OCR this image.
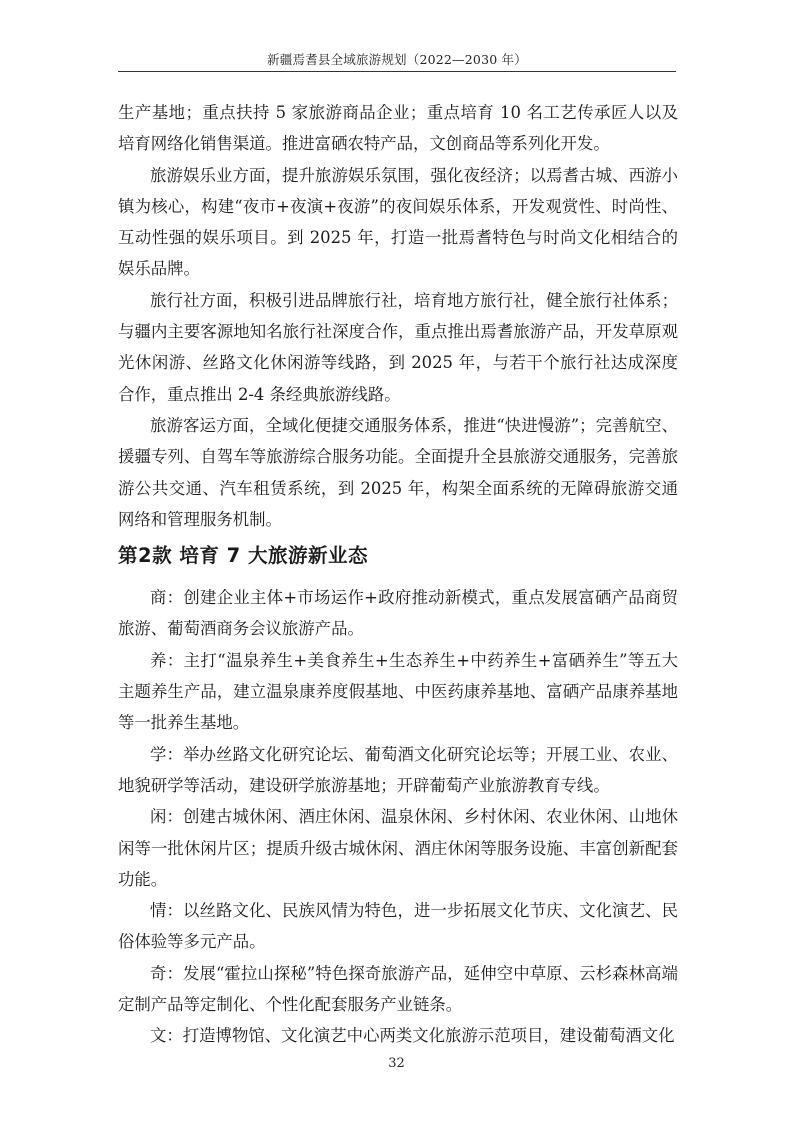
新疆焉耆县全域旅游规划（2022—2030 年）

生产基地；重点扶持 5 家旅游商品企业；重点培育 10 名工艺传承匠人以及培育网络化销售渠道。推进富硒农特产品，文创商品等系列化开发。

旅游娱乐业方面，提升旅游娱乐氛围，强化夜经济；以焉耆古城、西游小镇为核心，构建“夜市+夜演+夜游”的夜间娱乐体系，开发观赏性、时尚性、互动性强的娱乐项目。到 2025 年，打造一批焉耆特色与时尚文化相结合的娱乐品牌。

旅行社方面，积极引进品牌旅行社，培育地方旅行社，健全旅行社体系；与疆内主要客源地知名旅行社深度合作，重点推出焉耆旅游产品，开发草原观光休闲游、丝路文化休闲游等线路，到 2025 年，与若干个旅行社达成深度合作，重点推出 2-4 条经典旅游线路。

旅游客运方面，全域化便捷交通服务体系，推进“快进慢游”；完善航空、援疆专列、自驾车等旅游综合服务功能。全面提升全县旅游交通服务，完善旅游公共交通、汽车租赁系统，到 2025 年，构架全面系统的无障碍旅游交通网络和管理服务机制。

第2款 培育 7 大旅游新业态

商：创建企业主体+市场运作+政府推动新模式，重点发展富硒产品商贸旅游、葡萄酒商务会议旅游产品。

养：主打“温泉养生+美食养生+生态养生+中药养生+富硒养生”等五大主题养生产品，建立温泉康养度假基地、中医药康养基地、富硒产品康养基地等一批养生基地。

学：举办丝路文化研究论坛、葡萄酒文化研究论坛等；开展工业、农业、地貌研学等活动，建设研学旅游基地；开辟葡萄产业旅游教育专线。

闲：创建古城休闲、酒庄休闲、温泉休闲、乡村休闲、农业休闲、山地休闲等一批休闲片区；提质升级古城休闲、酒庄休闲等服务设施、丰富创新配套功能。

情：以丝路文化、民族风情为特色，进一步拓展文化节庆、文化演艺、民俗体验等多元产品。

奇：发展“霍拉山探秘”特色探奇旅游产品，延伸空中草原、云杉森林高端定制产品等定制化、个性化配套服务产业链条。

文：打造博物馆、文化演艺中心两类文化旅游示范项目，建设葡萄酒文化

32
